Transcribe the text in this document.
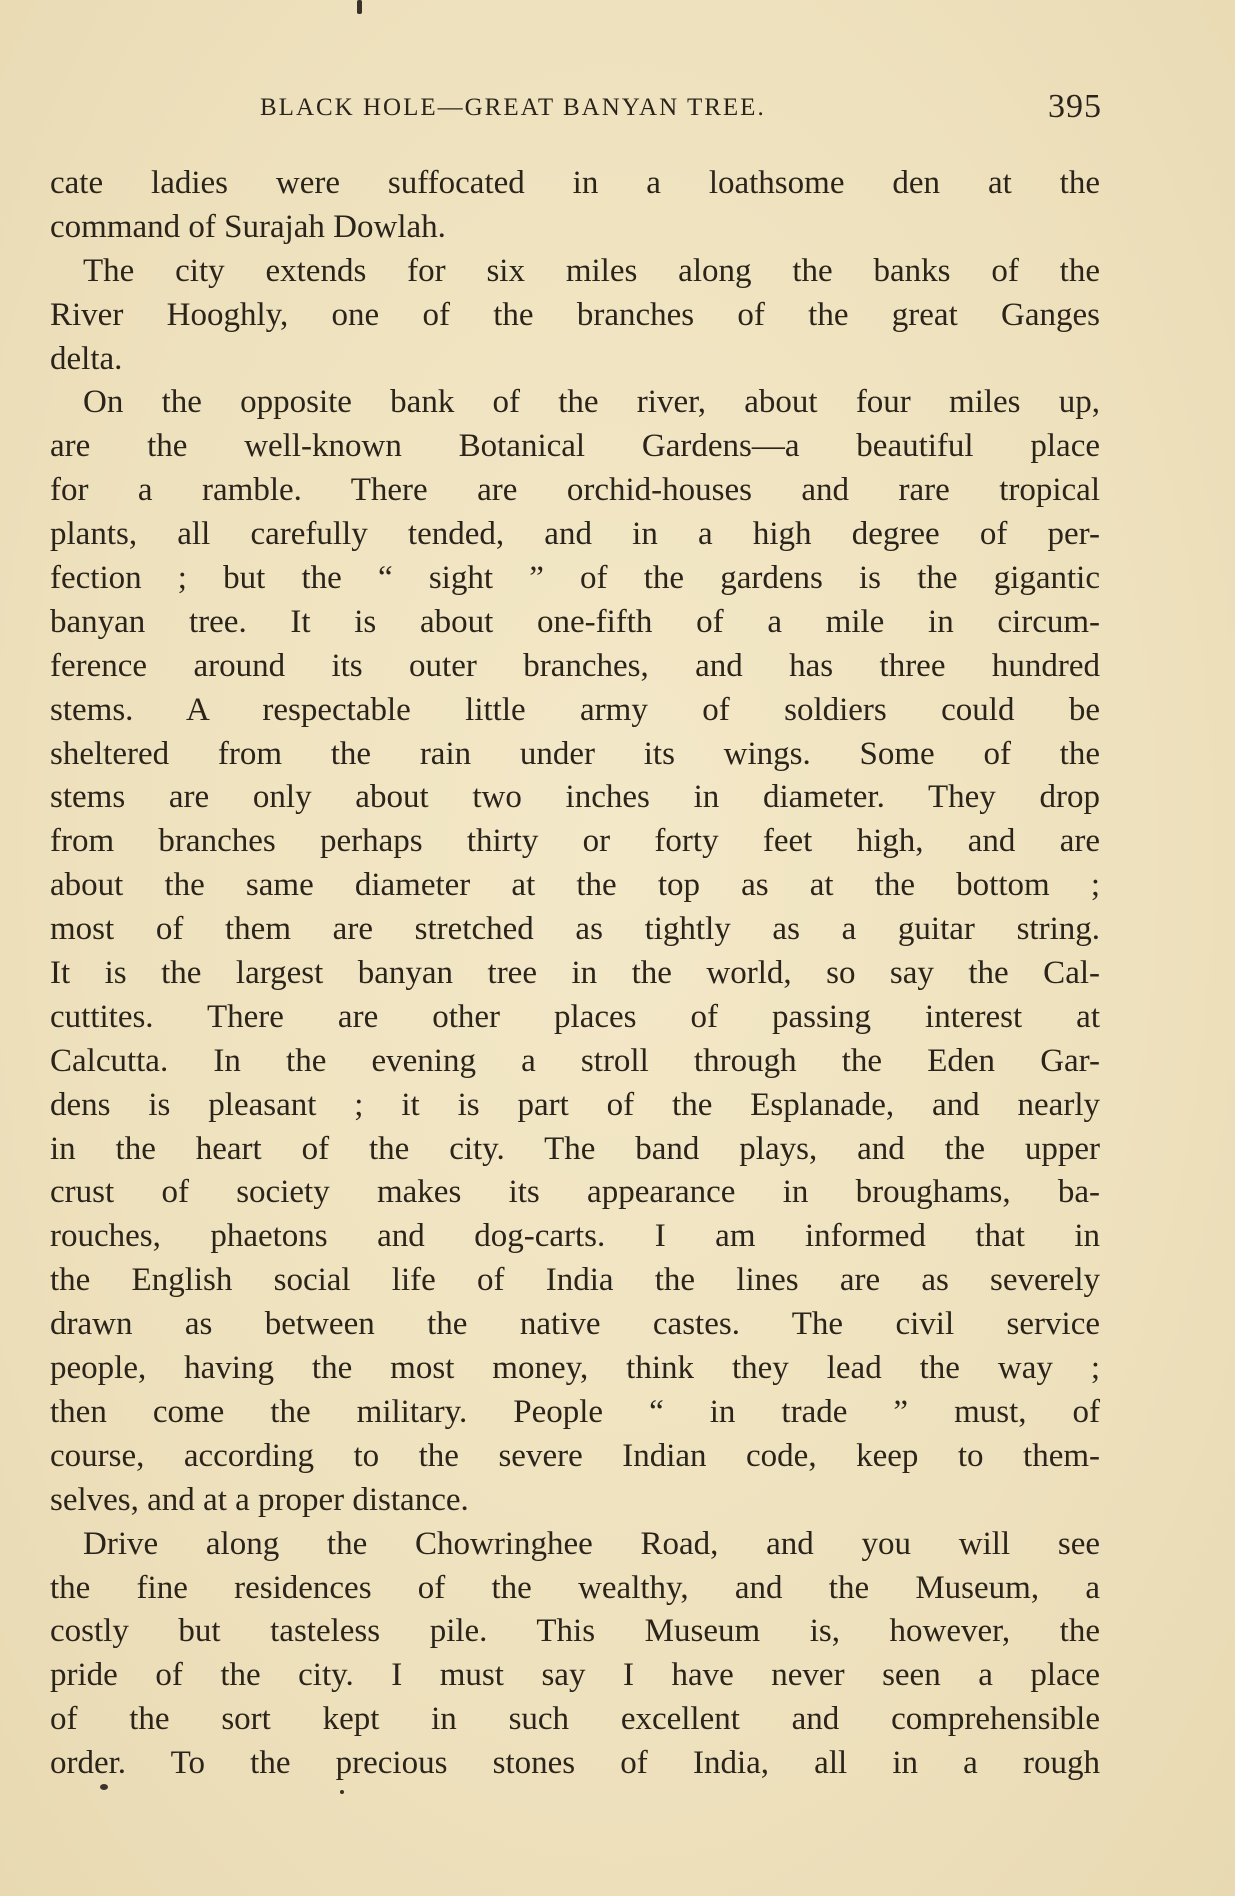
BLACK HOLE—GREAT BANYAN TREE.	395
cate ladies were suffocated in a loathsome den at the
command of Surajah Dowlah.
The city extends for six miles along the banks of the
River Hooghly, one of the branches of the great Ganges
delta.
On the opposite bank of the river, about four miles up,
are the well-known Botanical Gardens—a beautiful place
for a ramble. There are orchid-houses and rare tropical
plants, all carefully tended, and in a high degree of per-
fection ; but the “ sight ” of the gardens is the gigantic
banyan tree. It is about one-fifth of a mile in circum-
ference around its outer branches, and has three hundred
stems. A respectable little army of soldiers could be
sheltered from the rain under its wings. Some of the
stems are only about two inches in diameter. They drop
from branches perhaps thirty or forty feet high, and are
about the same diameter at the top as at the bottom ;
most of them are stretched as tightly as a guitar string.
It is the largest banyan tree in the world, so say the Cal-
cuttites. There are other places of passing interest at
Calcutta. In the evening a stroll through the Eden Gar-
dens is pleasant ; it is part of the Esplanade, and nearly
in the heart of the city. The band plays, and the upper
crust of society makes its appearance in broughams, ba-
rouches, phaetons and dog-carts. I am informed that in
the English social life of India the lines are as severely
drawn as between the native castes. The civil service
people, having the most money, think they lead the way ;
then come the military. People “ in trade ” must, of
course, according to the severe Indian code, keep to them-
selves, and at a proper distance.
Drive along the Chowringhee Road, and you will see
the fine residences of the wealthy, and the Museum, a
costly but tasteless pile. This Museum is, however, the
pride of the city. I must say I have never seen a place
of the sort kept in such excellent and comprehensible
order. To the precious stones of India, all in a rough
